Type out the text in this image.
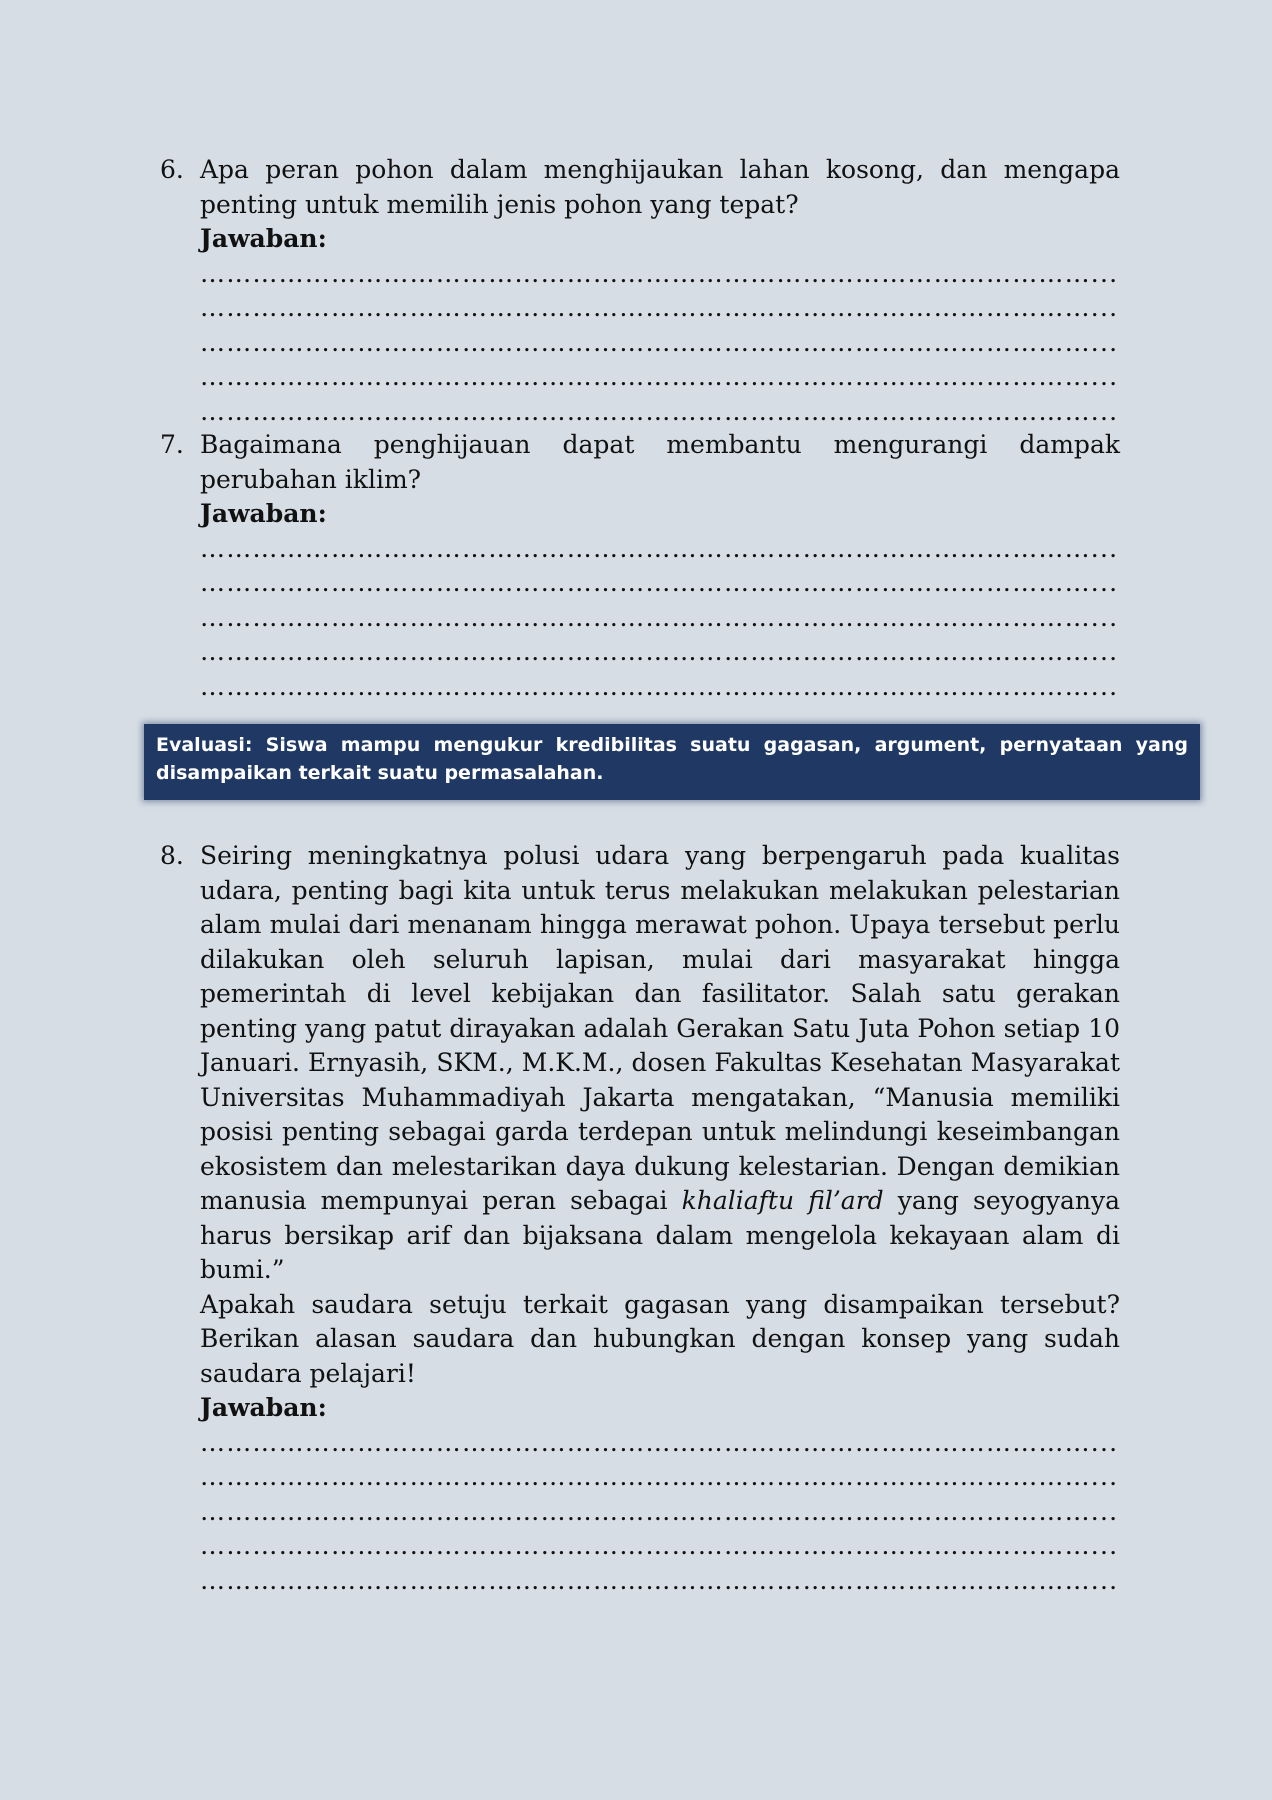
6. Apa peran pohon dalam menghijaukan lahan kosong, dan mengapa penting untuk memilih jenis pohon yang tepat?

Jawaban:

…………………………………………………………………………………………...
…………………………………………………………………………………………...
…………………………………………………………………………………………...
…………………………………………………………………………………………...
…………………………………………………………………………………………...
7. Bagaimana penghijauan dapat membantu mengurangi dampak perubahan iklim?

Jawaban:

…………………………………………………………………………………………...
…………………………………………………………………………………………...
…………………………………………………………………………………………...
…………………………………………………………………………………………...
…………………………………………………………………………………………...
Evaluasi: Siswa mampu mengukur kredibilitas suatu gagasan, argument, pernyataan yang disampaikan terkait suatu permasalahan.
8. Seiring meningkatnya polusi udara yang berpengaruh pada kualitas udara, penting bagi kita untuk terus melakukan melakukan pelestarian alam mulai dari menanam hingga merawat pohon. Upaya tersebut perlu dilakukan oleh seluruh lapisan, mulai dari masyarakat hingga pemerintah di level kebijakan dan fasilitator. Salah satu gerakan penting yang patut dirayakan adalah Gerakan Satu Juta Pohon setiap 10 Januari. Ernyasih, SKM., M.K.M., dosen Fakultas Kesehatan Masyarakat Universitas Muhammadiyah Jakarta mengatakan, “Manusia memiliki posisi penting sebagai garda terdepan untuk melindungi keseimbangan ekosistem dan melestarikan daya dukung kelestarian. Dengan demikian manusia mempunyai peran sebagai khaliaftu fil’ard yang seyogyanya harus bersikap arif dan bijaksana dalam mengelola kekayaan alam di bumi.”

Apakah saudara setuju terkait gagasan yang disampaikan tersebut? Berikan alasan saudara dan hubungkan dengan konsep yang sudah saudara pelajari!

Jawaban:

…………………………………………………………………………………………...
…………………………………………………………………………………………...
…………………………………………………………………………………………...
…………………………………………………………………………………………...
…………………………………………………………………………………………...
